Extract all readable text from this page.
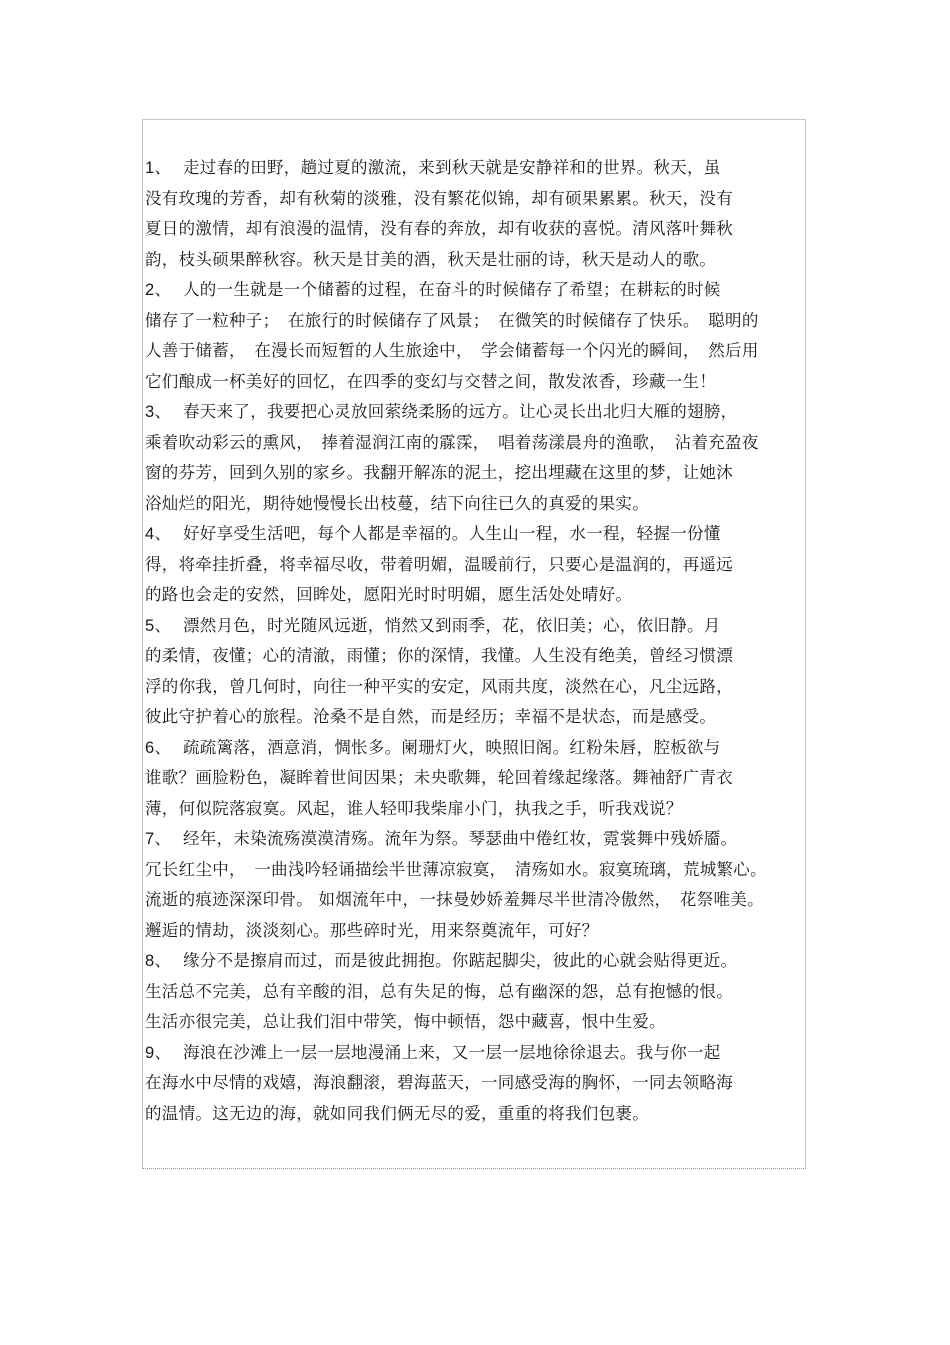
1、 走过春的田野，趟过夏的激流，来到秋天就是安静祥和的世界。秋天，虽
没有玫瑰的芳香，却有秋菊的淡雅，没有繁花似锦，却有硕果累累。秋天，没有
夏日的激情，却有浪漫的温情，没有春的奔放，却有收获的喜悦。清风落叶舞秋
韵，枝头硕果醉秋容。秋天是甘美的酒，秋天是壮丽的诗，秋天是动人的歌。
2、 人的一生就是一个储蓄的过程，在奋斗的时候储存了希望；在耕耘的时候
储存了一粒种子；　在旅行的时候储存了风景；　在微笑的时候储存了快乐。　聪明的
人善于储蓄，　在漫长而短暂的人生旅途中，　学会储蓄每一个闪光的瞬间，　然后用
它们酿成一杯美好的回忆，在四季的变幻与交替之间，散发浓香，珍藏一生！
3、 春天来了，我要把心灵放回萦绕柔肠的远方。让心灵长出北归大雁的翅膀，
乘着吹动彩云的熏风，　捧着湿润江南的霡霂，　唱着荡漾晨舟的渔歌，　沾着充盈夜
窗的芬芳，回到久别的家乡。我翻开解冻的泥土，挖出埋藏在这里的梦，让她沐
浴灿烂的阳光，期待她慢慢长出枝蔓，结下向往已久的真爱的果实。
4、 好好享受生活吧，每个人都是幸福的。人生山一程，水一程，轻握一份懂
得，将牵挂折叠，将幸福尽收，带着明媚，温暖前行，只要心是温润的，再遥远
的路也会走的安然，回眸处，愿阳光时时明媚，愿生活处处晴好。
5、 漂然月色，时光随风远逝，悄然又到雨季，花，依旧美；心，依旧静。月
的柔情，夜懂；心的清澈，雨懂；你的深情，我懂。人生没有绝美，曾经习惯漂
浮的你我，曾几何时，向往一种平实的安定，风雨共度，淡然在心，凡尘远路，
彼此守护着心的旅程。沧桑不是自然，而是经历；幸福不是状态，而是感受。
6、 疏疏篱落，酒意消，惆怅多。阑珊灯火，映照旧阁。红粉朱唇，腔板欲与
谁歌？画脸粉色，凝眸着世间因果；未央歌舞，轮回着缘起缘落。舞袖舒广青衣
薄，何似院落寂寞。风起，谁人轻叩我柴扉小门，执我之手，听我戏说？
7、 经年，未染流殇漠漠清殇。流年为祭。琴瑟曲中倦红妆，霓裳舞中残娇靥。
冗长红尘中，　一曲浅吟轻诵描绘半世薄凉寂寞，　清殇如水。寂寞琉璃，荒城繁心。
流逝的痕迹深深印骨。 如烟流年中，一抹曼妙娇羞舞尽半世清冷傲然，　花祭唯美。
邂逅的情劫，淡淡刻心。那些碎时光，用来祭奠流年，可好？
8、 缘分不是擦肩而过，而是彼此拥抱。你踮起脚尖，彼此的心就会贴得更近。
生活总不完美，总有辛酸的泪，总有失足的悔，总有幽深的怨，总有抱憾的恨。
生活亦很完美，总让我们泪中带笑，悔中顿悟，怨中藏喜，恨中生爱。
9、 海浪在沙滩上一层一层地漫涌上来，又一层一层地徐徐退去。我与你一起
在海水中尽情的戏嬉，海浪翻滚，碧海蓝天，一同感受海的胸怀，一同去领略海
的温情。这无边的海，就如同我们俩无尽的爱，重重的将我们包裹。
